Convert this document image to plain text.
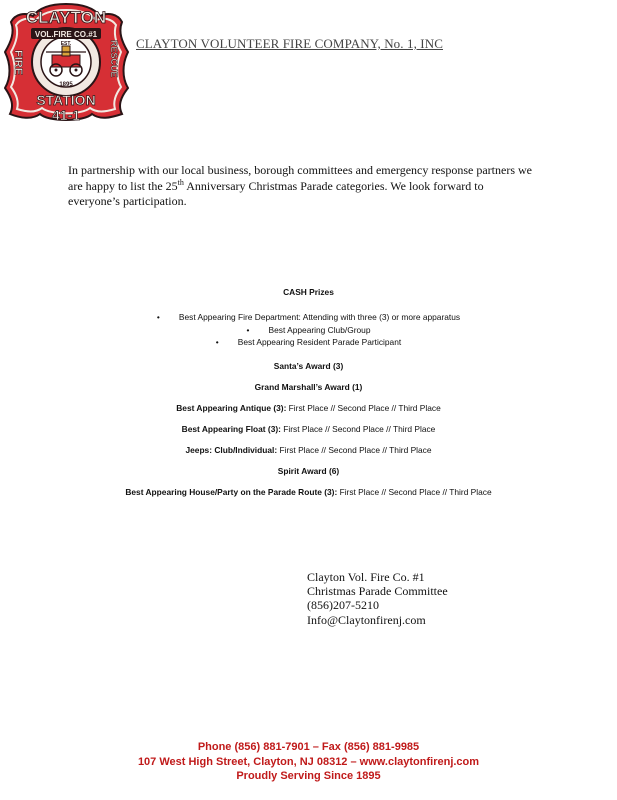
CLAYTON
VOL.FIRE CO.#1
EST.
1895
FIRE	RESCUE
STATION
41-1
CLAYTON VOLUNTEER FIRE COMPANY, No. 1, INC
In partnership with our local business, borough committees and emergency response partners we
are happy to list the 25th Anniversary Christmas Parade categories. We look forward to
everyone’s participation.
CASH Prizes
• Best Appearing Fire Department: Attending with three (3) or more apparatus
• Best Appearing Club/Group
• Best Appearing Resident Parade Participant
Santa’s Award (3)
Grand Marshall’s Award (1)
Best Appearing Antique (3): First Place // Second Place // Third Place
Best Appearing Float (3): First Place // Second Place // Third Place
Jeeps: Club/Individual: First Place // Second Place // Third Place
Spirit Award (6)
Best Appearing House/Party on the Parade Route (3): First Place // Second Place // Third Place
Clayton Vol. Fire Co. #1
Christmas Parade Committee
(856)207-5210
Info@Claytonfirenj.com
Phone (856) 881-7901 – Fax (856) 881-9985
107 West High Street, Clayton, NJ 08312 – www.claytonfirenj.com
Proudly Serving Since 1895
